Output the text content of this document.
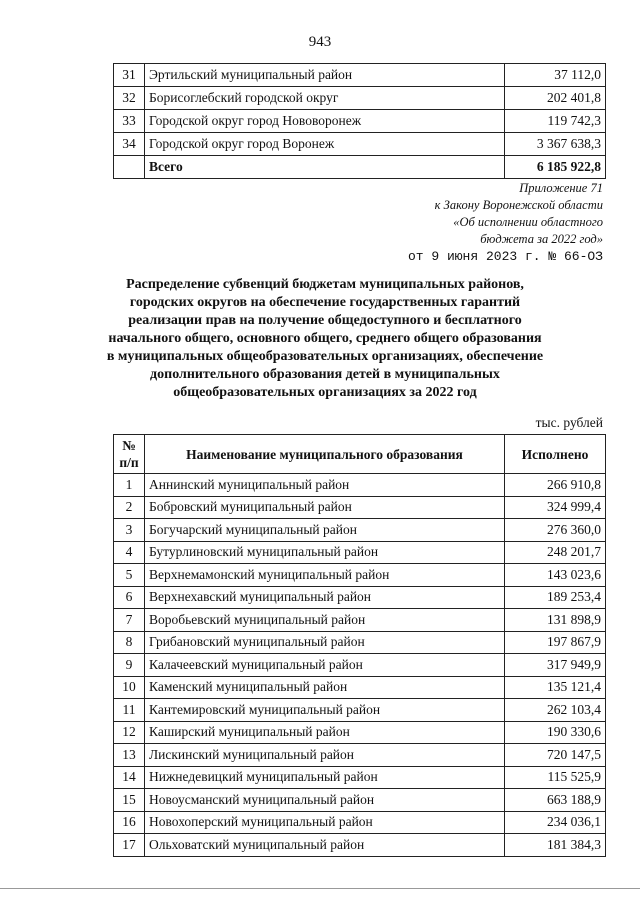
943
31	Эртильский муниципальный район	37 112,0
32	Борисоглебский городской округ	202 401,8
33	Городской округ город Нововоронеж	119 742,3
34	Городской округ город Воронеж	3 367 638,3
	Всего	6 185 922,8
Приложение 71
к Закону Воронежской области
«Об исполнении областного
бюджета за 2022 год»
от 9 июня 2023 г. № 66-ОЗ
Распределение субвенций бюджетам муниципальных районов,
городских округов на обеспечение государственных гарантий
реализации прав на получение общедоступного и бесплатного
начального общего, основного общего, среднего общего образования
в муниципальных общеобразовательных организациях, обеспечение
дополнительного образования детей в муниципальных
общеобразовательных организациях за 2022 год
тыс. рублей
№
п/п	Наименование муниципального образования	Исполнено
1	Аннинский муниципальный район	266 910,8
2	Бобровский муниципальный район	324 999,4
3	Богучарский муниципальный район	276 360,0
4	Бутурлиновский муниципальный район	248 201,7
5	Верхнемамонский муниципальный район	143 023,6
6	Верхнехавский муниципальный район	189 253,4
7	Воробьевский муниципальный район	131 898,9
8	Грибановский муниципальный район	197 867,9
9	Калачеевский муниципальный район	317 949,9
10	Каменский муниципальный район	135 121,4
11	Кантемировский муниципальный район	262 103,4
12	Каширский муниципальный район	190 330,6
13	Лискинский муниципальный район	720 147,5
14	Нижнедевицкий муниципальный район	115 525,9
15	Новоусманский муниципальный район	663 188,9
16	Новохоперский муниципальный район	234 036,1
17	Ольховатский муниципальный район	181 384,3
